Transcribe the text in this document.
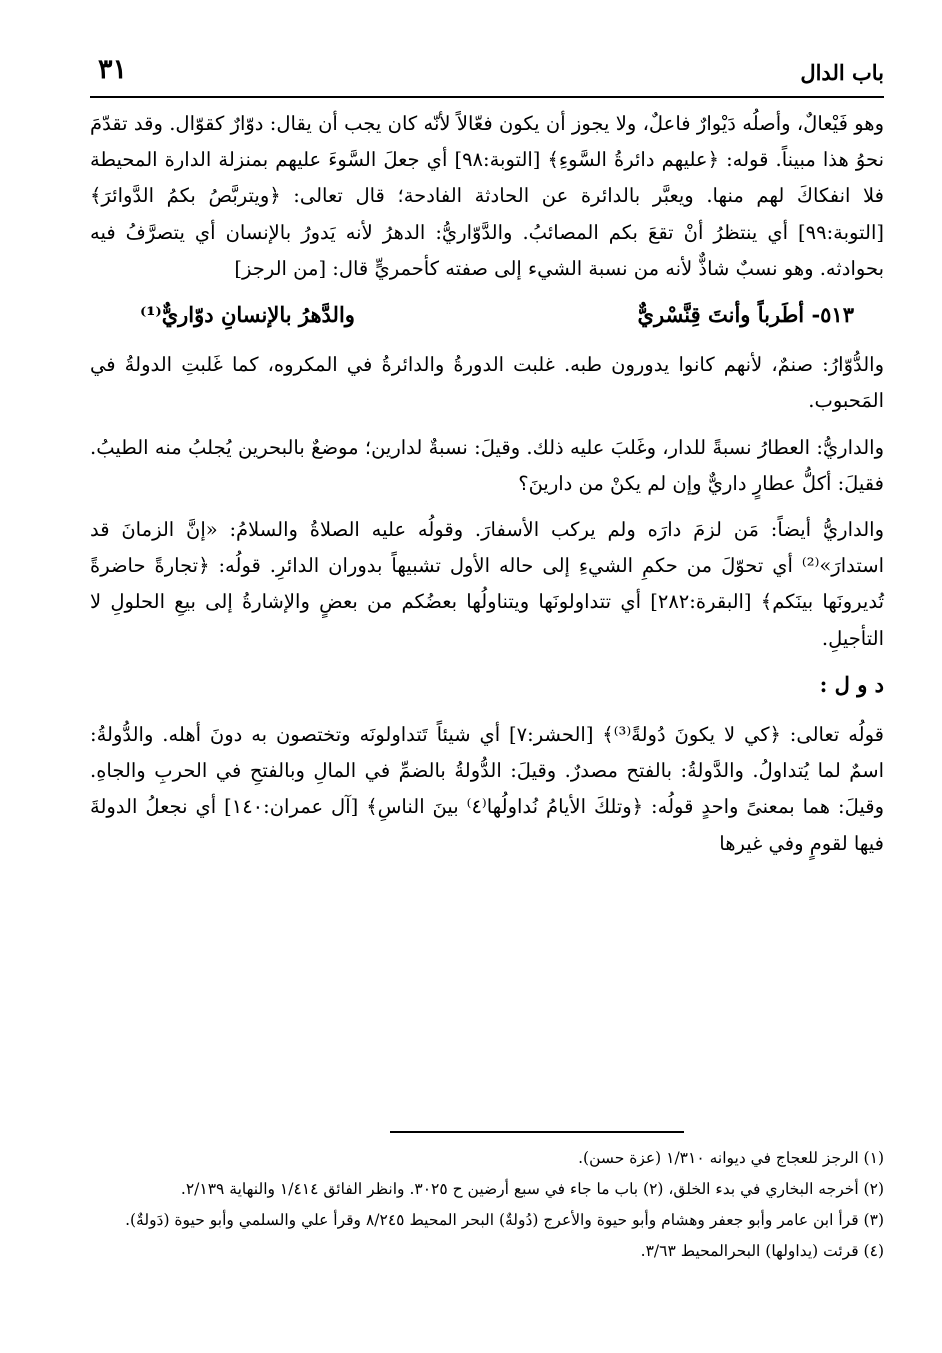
باب الدال
٣١

وهو فَيْعالٌ، وأصلُه دَيْوارٌ فاعلٌ، ولا يجوز أن يكون فعّالاً لأنّه كان يجب أن يقال: دوّارٌ كقوّال. وقد تقدّمَ نحوُ هذا مبيناً. قوله: ﴿عليهم دائرةُ السَّوءِ﴾ [التوبة:٩٨] أي جعلَ السَّوءَ عليهم بمنزلة الدارة المحيطة فلا انفكاكَ لهم منها. ويعبَّر بالدائرة عن الحادثة الفادحة؛ قال تعالى: ﴿ويتربَّصُ بكمُ الدَّوائرَ﴾ [التوبة:٩٩] أي ينتظرُ أنْ تقعَ بكم المصائبُ. والدَّوّاريُّ: الدهرُ لأنه يَدورُ بالإنسان أي يتصرَّفُ فيه بحوادثه. وهو نسبٌ شاذٌّ لأنه من نسبة الشيء إلى صفته كأحمريٍّ قال: [من الرجز]

٥١٣- أطَرباً وأنتَ قِنَّسْريٌّ
والدَّهرُ بالإنسانِ دوّاريٌّ⁽¹⁾

والدُّوّارُ: صنمٌ، لأنهم كانوا يدورون طبه. غلبت الدورةُ والدائرةُ في المكروه، كما غَلبتِ الدولةُ في المَحبوب.

والداريُّ: العطارُ نسبةً للدار، وغَلبَ عليه ذلك. وقيلَ: نسبةٌ لدارين؛ موضعٌ بالبحرين يُجلبُ منه الطيبُ. فقيلَ: أكلُّ عطارٍ داريٌّ وإن لم يكنْ من دارينَ؟

والداريُّ أيضاً: مَن لزمَ دارَه ولم يركب الأسفارَ. وقولُه عليه الصلاةُ والسلامُ: «إنَّ الزمانَ قد استدارَ»⁽²⁾ أي تحوّلَ من حكمِ الشيءِ إلى حاله الأول تشبيهاً بدوران الدائرِ. قولُه: ﴿تجارةً حاضرةً تُديرونَها بينَكم﴾ [البقرة:٢٨٢] أي تتداولونَها ويتناولُها بعضُكم من بعضٍ والإشارةُ إلى بيعِ الحلولِ لا التأجيلِ.

د و ل :

قولُه تعالى: ﴿كي لا يكونَ دُولةً⁽³⁾﴾ [الحشر:٧] أي شيئاً تَتداولونَه وتختصون به دونَ أهله. والدُّولةُ: اسمٌ لما يُتداولُ. والدَّولةُ: بالفتح مصدرٌ. وقيلَ: الدُّولةُ بالضمِّ في المالِ وبالفتحِ في الحربِ والجاهِ. وقيلَ: هما بمعنىً واحدٍ قولُه: ﴿وتلكَ الأيامُ نُداولُها⁽٤⁾ بينَ الناسِ﴾ [آل عمران:١٤٠] أي نجعلُ الدولةَ فيها لقومٍ وفي غيرها

(١) الرجز للعجاج في ديوانه ١/٣١٠ (عزة حسن).
(٢) أخرجه البخاري في بدء الخلق، (٢) باب ما جاء في سبع أرضين ح ٣٠٢٥. وانظر الفائق ١/٤١٤ والنهاية ٢/١٣٩.
(٣) قرأ ابن عامر وأبو جعفر وهشام وأبو حيوة والأعرج (دُولةٌ) البحر المحيط ٨/٢٤٥ وقرأ علي والسلمي وأبو حيوة (دَولةٌ).
(٤) قرئت (يداولها) البحرالمحيط ٣/٦٣.
